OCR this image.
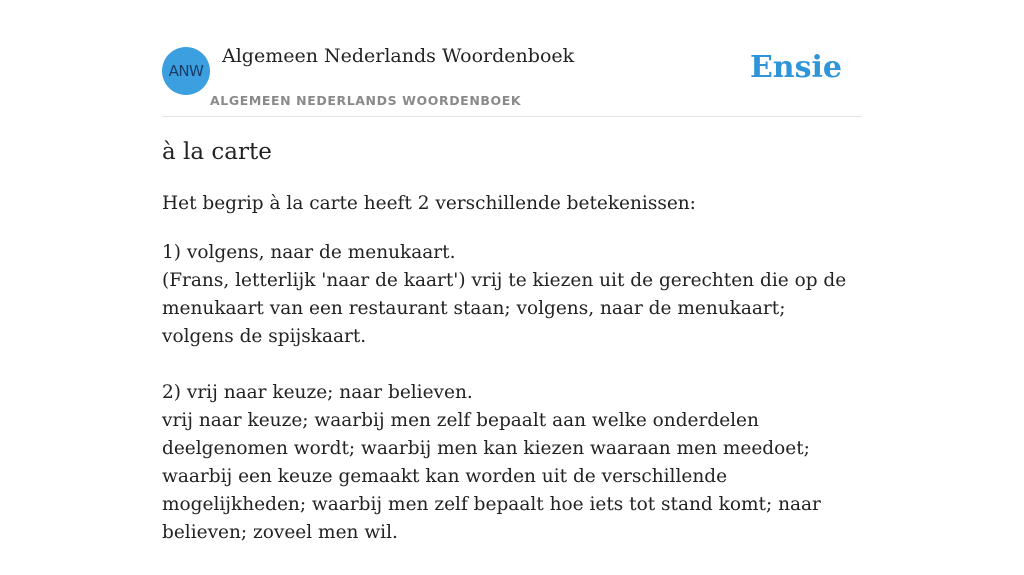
ANW
Algemeen Nederlands Woordenboek
ALGEMEEN NEDERLANDS WOORDENBOEK
Ensie
à la carte
Het begrip à la carte heeft 2 verschillende betekenissen:
1) volgens, naar de menukaart.
(Frans, letterlijk 'naar de kaart') vrij te kiezen uit de gerechten die op de menukaart van een restaurant staan; volgens, naar de menukaart; volgens de spijskaart.
2) vrij naar keuze; naar believen.
vrij naar keuze; waarbij men zelf bepaalt aan welke onderdelen deelgenomen wordt; waarbij men kan kiezen waaraan men meedoet; waarbij een keuze gemaakt kan worden uit de verschillende mogelijkheden; waarbij men zelf bepaalt hoe iets tot stand komt; naar believen; zoveel men wil.
